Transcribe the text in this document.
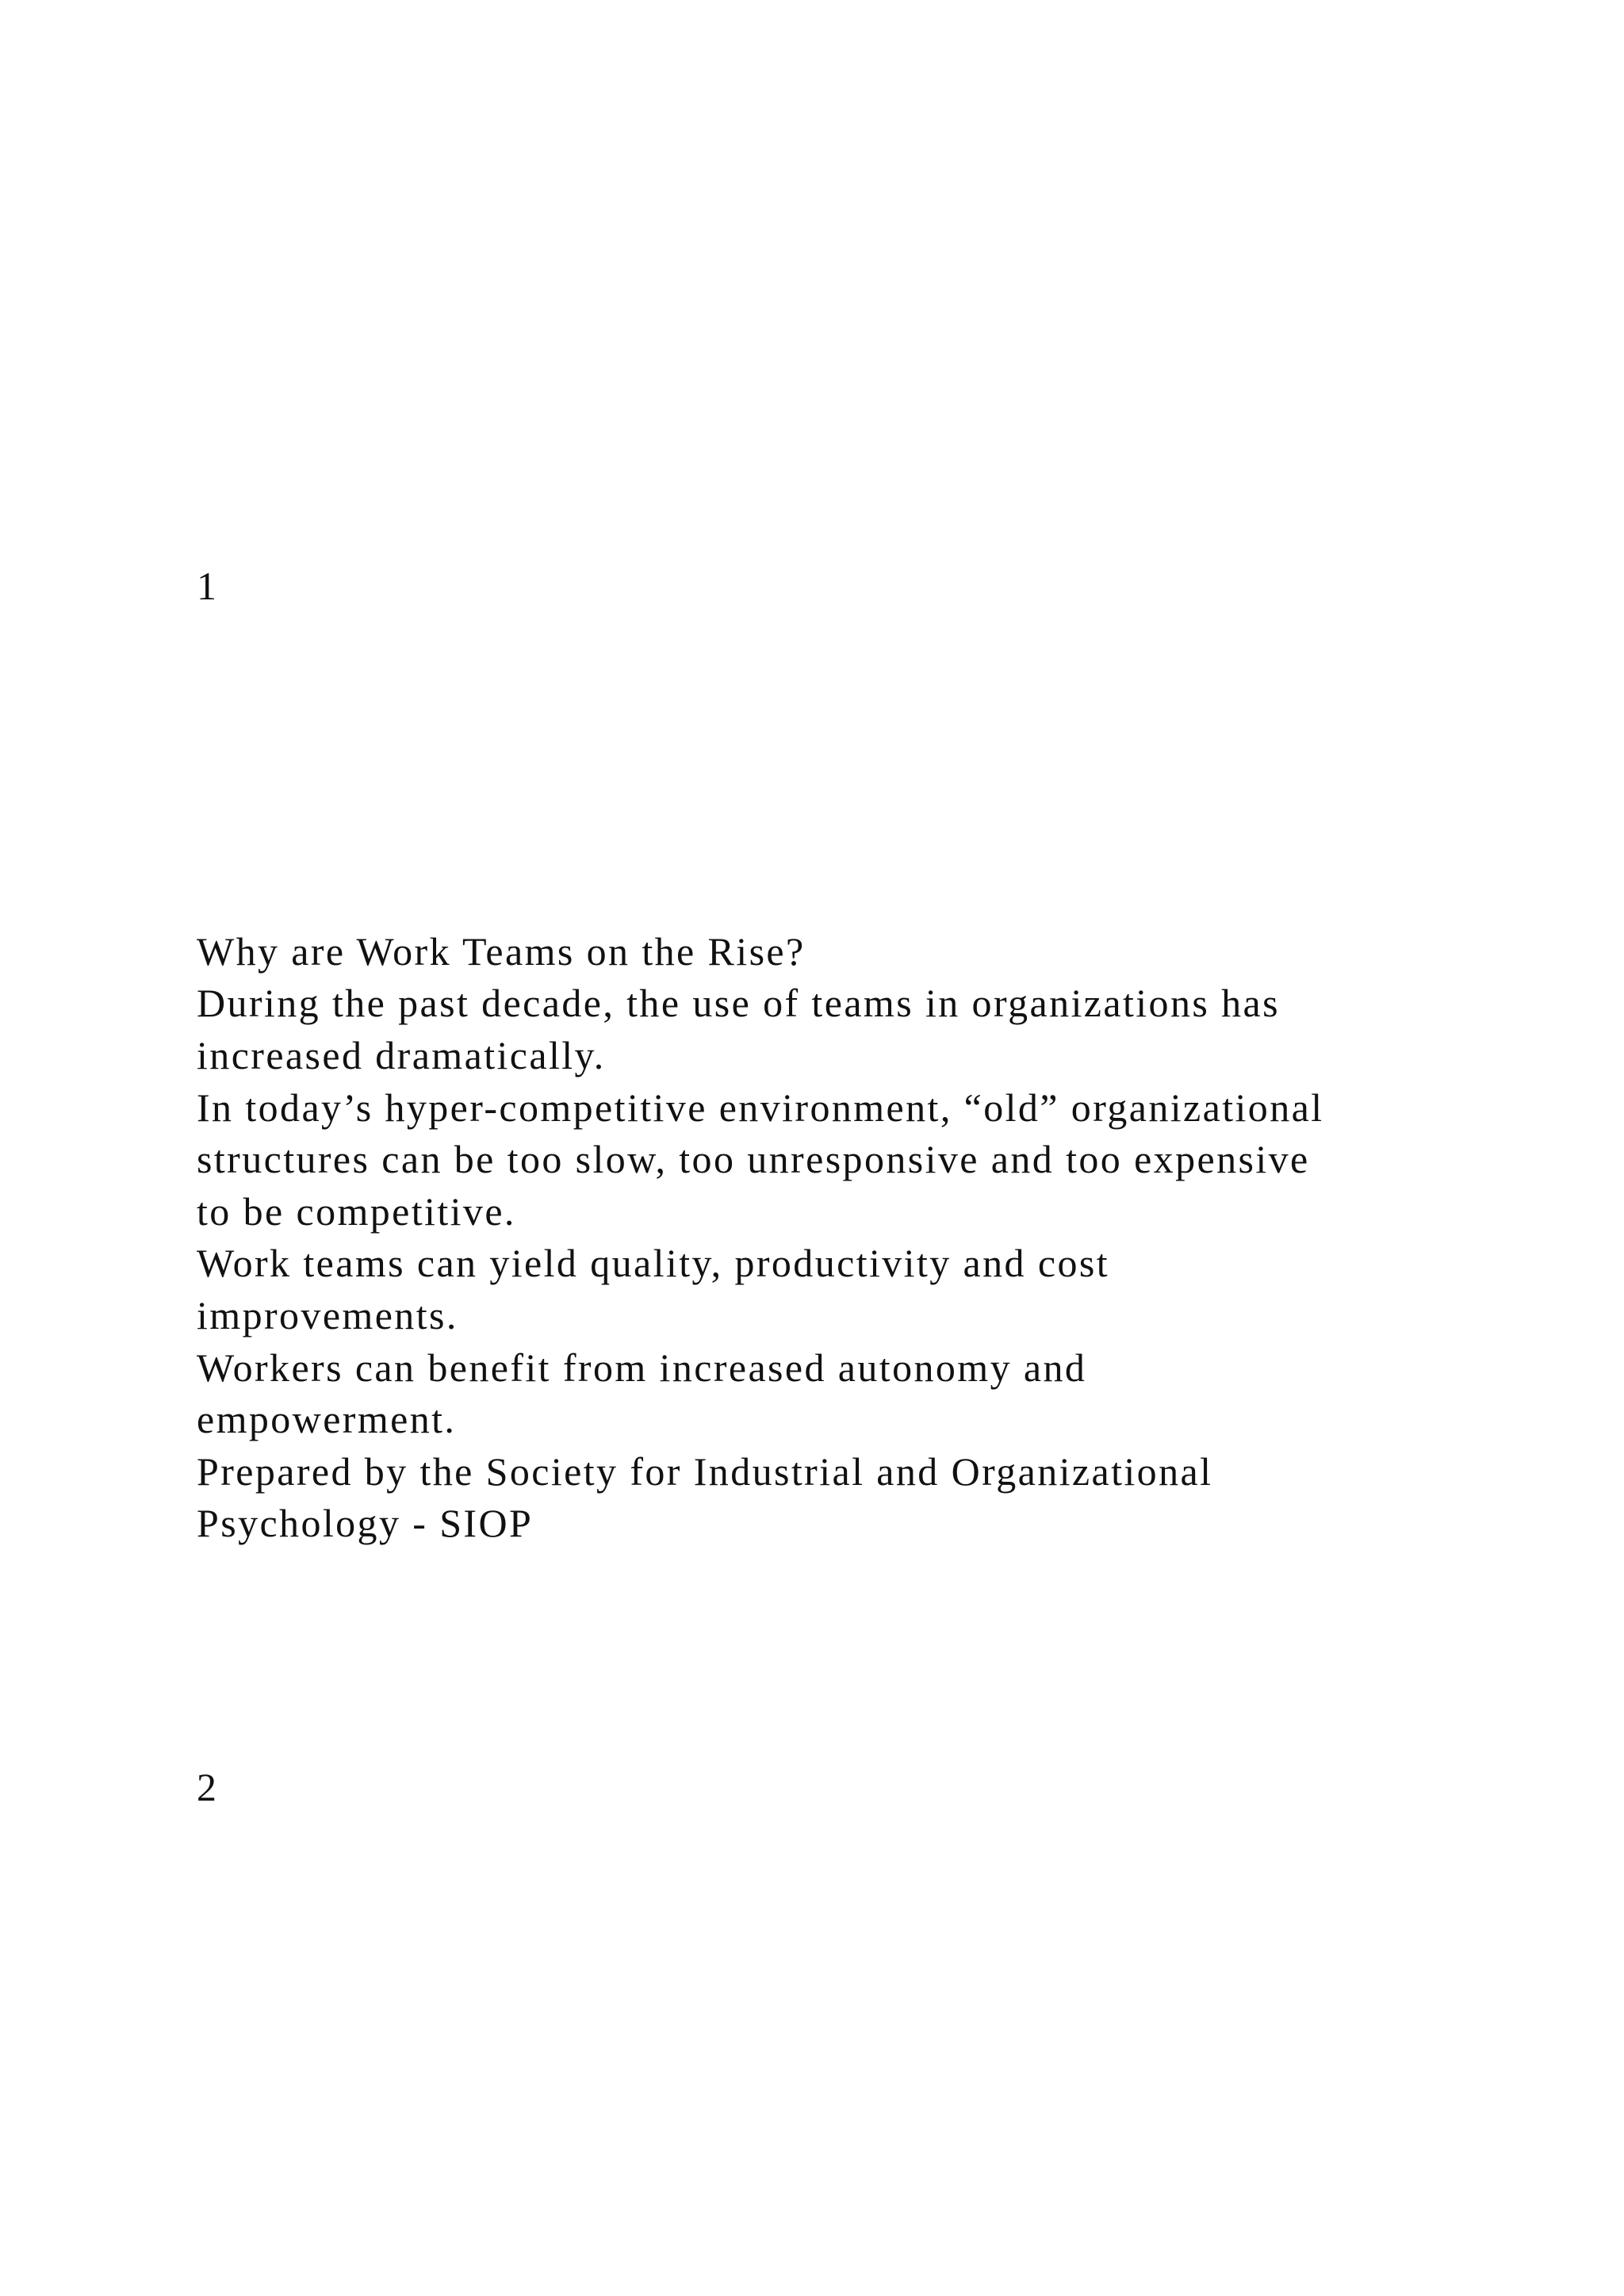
1

Why are Work Teams on the Rise?

During the past decade, the use of teams in organizations has

increased dramatically.

In today’s hyper-competitive environment, “old” organizational

structures can be too slow, too unresponsive and too expensive

to be competitive.

Work teams can yield quality, productivity and cost

improvements.

Workers can benefit from increased autonomy and

empowerment.

Prepared by the Society for Industrial and Organizational

Psychology - SIOP

2
